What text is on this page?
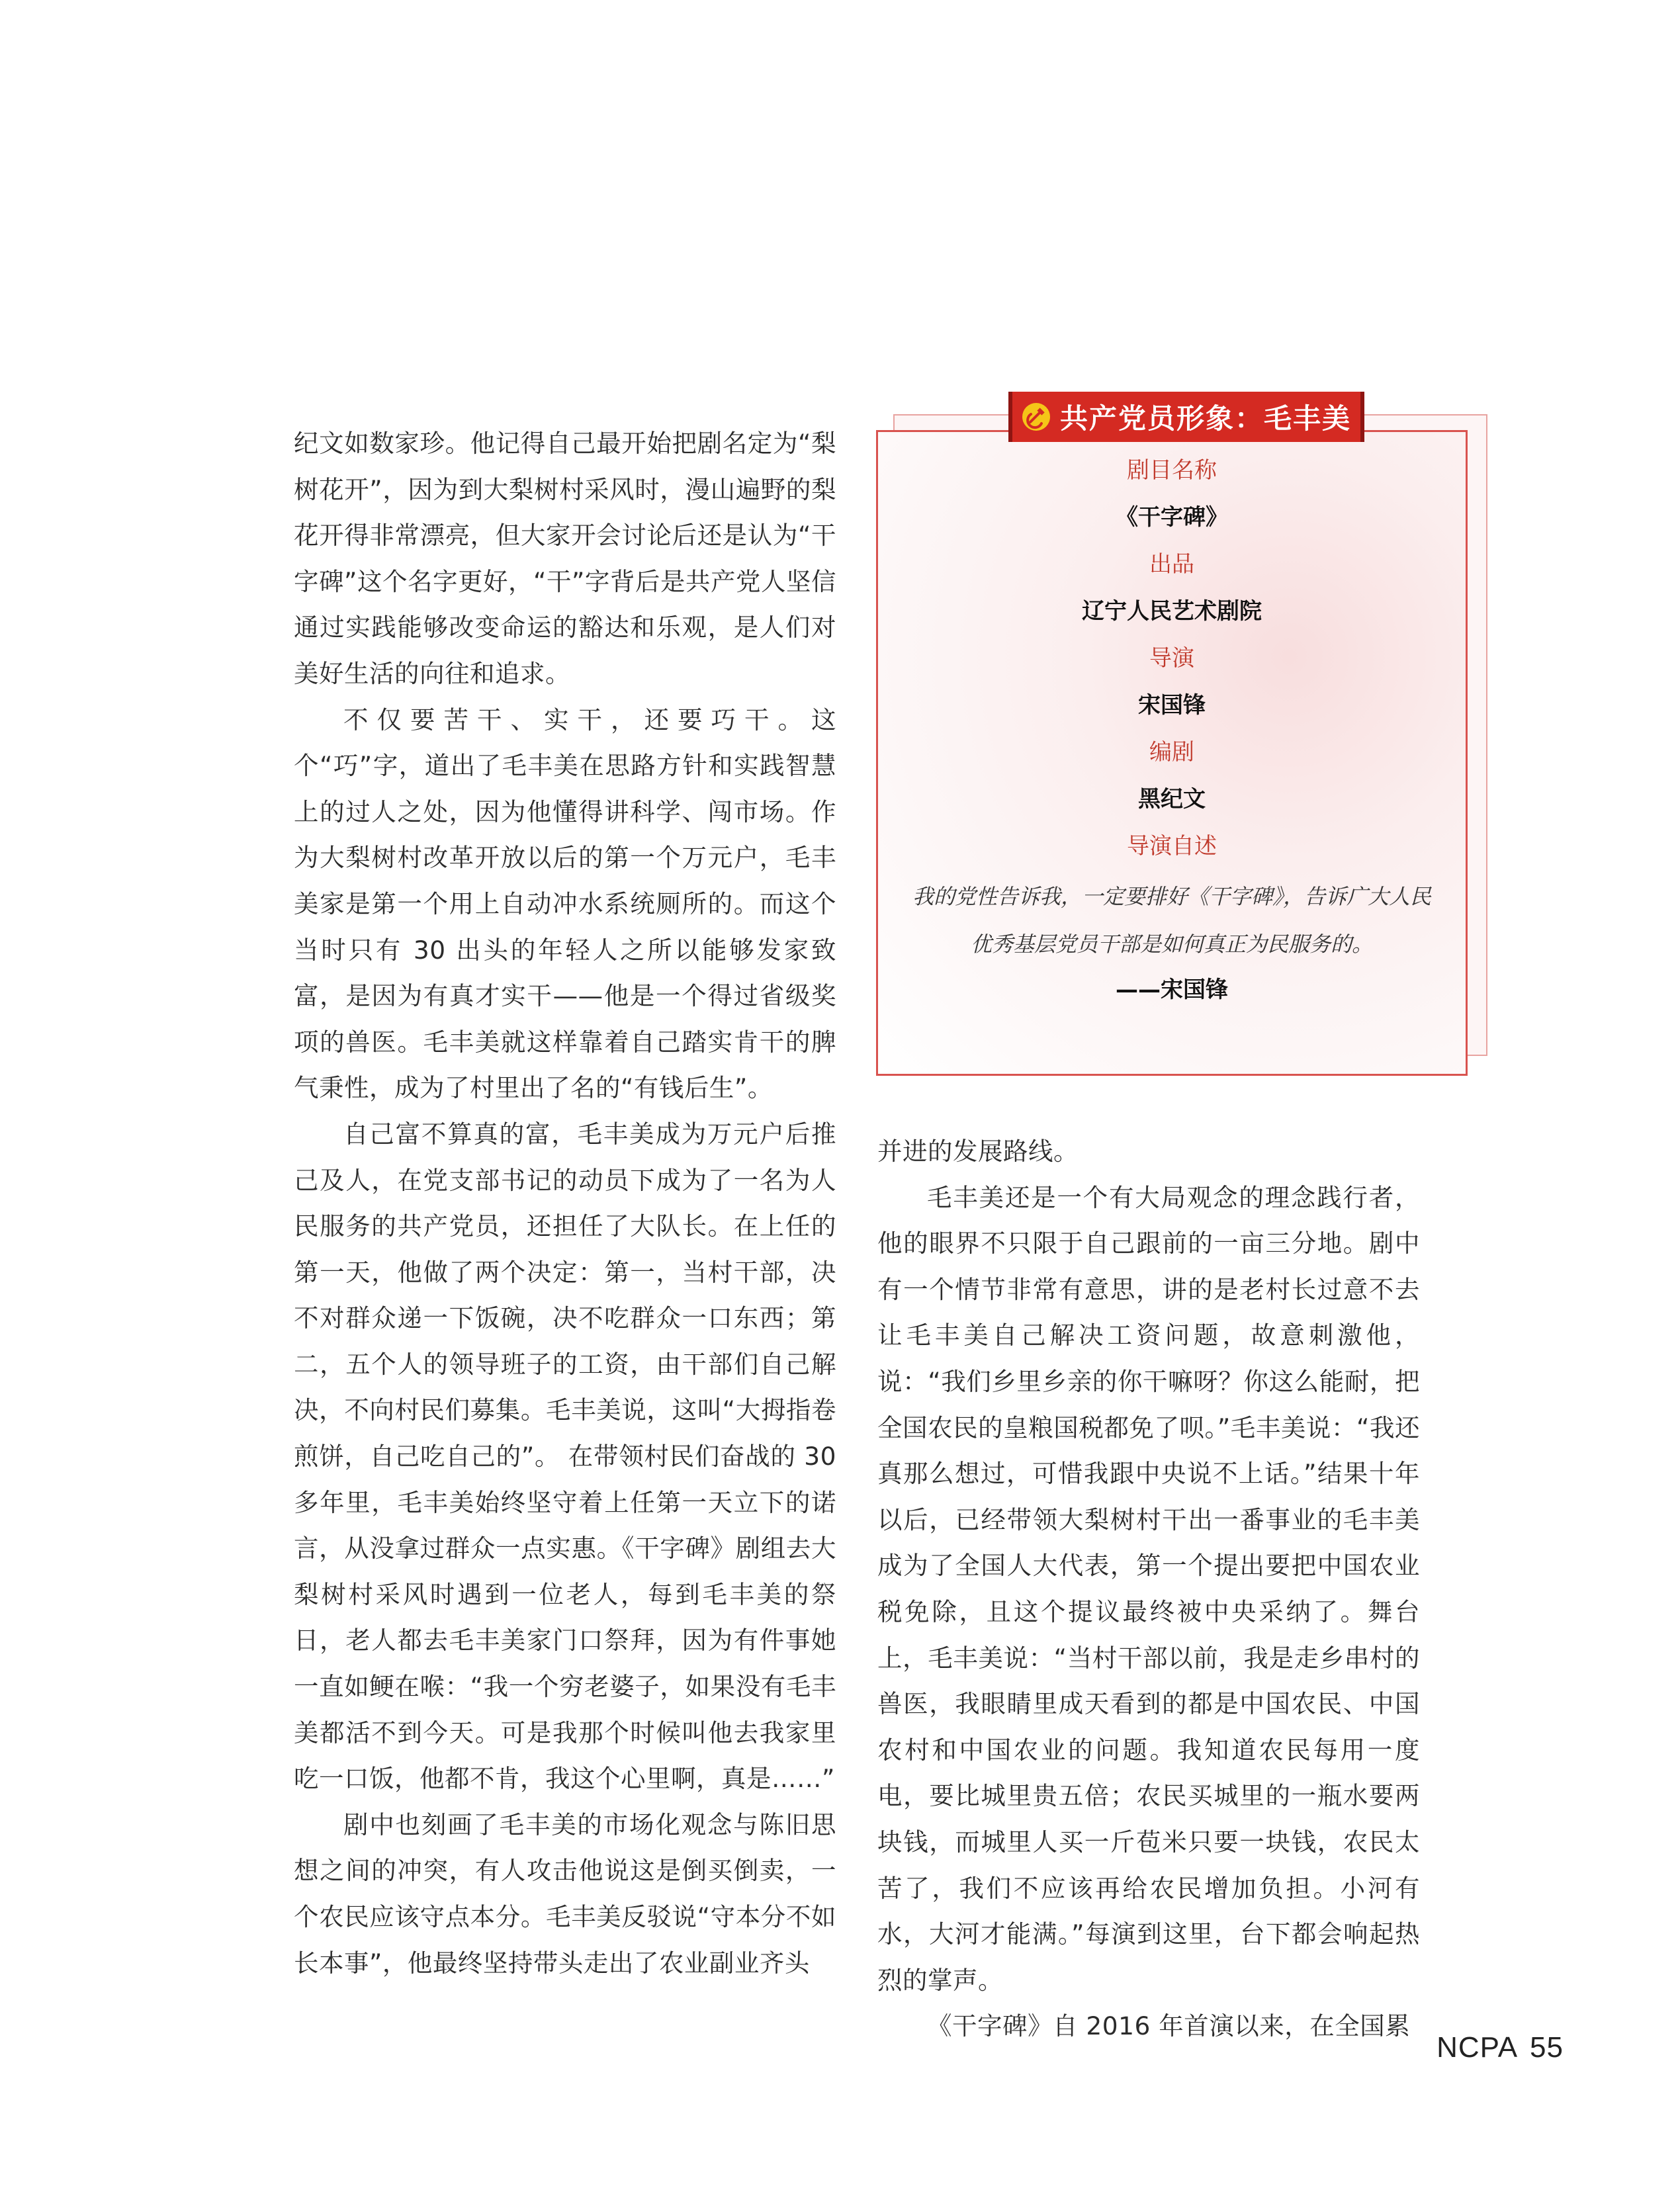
纪文如数家珍。他记得自己最开始把剧名定为“梨树花开”，因为到大梨树村采风时，漫山遍野的梨花开得非常漂亮，但大家开会讨论后还是认为“干字碑”这个名字更好，“干”字背后是共产党人坚信通过实践能够改变命运的豁达和乐观，是人们对美好生活的向往和追求。

不仅要苦干、实干，还要巧干。这个“巧”字，道出了毛丰美在思路方针和实践智慧上的过人之处，因为他懂得讲科学、闯市场。作为大梨树村改革开放以后的第一个万元户，毛丰美家是第一个用上自动冲水系统厕所的。而这个当时只有 30 出头的年轻人之所以能够发家致富，是因为有真才实干——他是一个得过省级奖项的兽医。毛丰美就这样靠着自己踏实肯干的脾气秉性，成为了村里出了名的“有钱后生”。

自己富不算真的富，毛丰美成为万元户后推己及人，在党支部书记的动员下成为了一名为人民服务的共产党员，还担任了大队长。在上任的第一天，他做了两个决定：第一，当村干部，决不对群众递一下饭碗，决不吃群众一口东西；第二，五个人的领导班子的工资，由干部们自己解决，不向村民们募集。毛丰美说，这叫“大拇指卷煎饼，自己吃自己的”。 在带领村民们奋战的 30 多年里，毛丰美始终坚守着上任第一天立下的诺言，从没拿过群众一点实惠。《干字碑》剧组去大梨树村采风时遇到一位老人，每到毛丰美的祭日，老人都去毛丰美家门口祭拜，因为有件事她一直如鲠在喉：“我一个穷老婆子，如果没有毛丰美都活不到今天。可是我那个时候叫他去我家里吃一口饭，他都不肯，我这个心里啊，真是……”

剧中也刻画了毛丰美的市场化观念与陈旧思想之间的冲突，有人攻击他说这是倒买倒卖，一个农民应该守点本分。毛丰美反驳说“守本分不如长本事”，他最终坚持带头走出了农业副业齐头

共产党员形象：毛丰美
剧目名称
《干字碑》
出品
辽宁人民艺术剧院
导演
宋国锋
编剧
黑纪文
导演自述
我的党性告诉我，一定要排好《干字碑》，告诉广大人民优秀基层党员干部是如何真正为民服务的。
——宋国锋

并进的发展路线。

毛丰美还是一个有大局观念的理念践行者，他的眼界不只限于自己跟前的一亩三分地。剧中有一个情节非常有意思，讲的是老村长过意不去让毛丰美自己解决工资问题，故意刺激他，说：“我们乡里乡亲的你干嘛呀？你这么能耐，把全国农民的皇粮国税都免了呗。”毛丰美说：“我还真那么想过，可惜我跟中央说不上话。”结果十年以后，已经带领大梨树村干出一番事业的毛丰美成为了全国人大代表，第一个提出要把中国农业税免除，且这个提议最终被中央采纳了。舞台上，毛丰美说：“当村干部以前，我是走乡串村的兽医，我眼睛里成天看到的都是中国农民、中国农村和中国农业的问题。我知道农民每用一度电，要比城里贵五倍；农民买城里的一瓶水要两块钱，而城里人买一斤苞米只要一块钱，农民太苦了，我们不应该再给农民增加负担。小河有水，大河才能满。”每演到这里，台下都会响起热烈的掌声。

《干字碑》自 2016 年首演以来，在全国累

NCPA 55
